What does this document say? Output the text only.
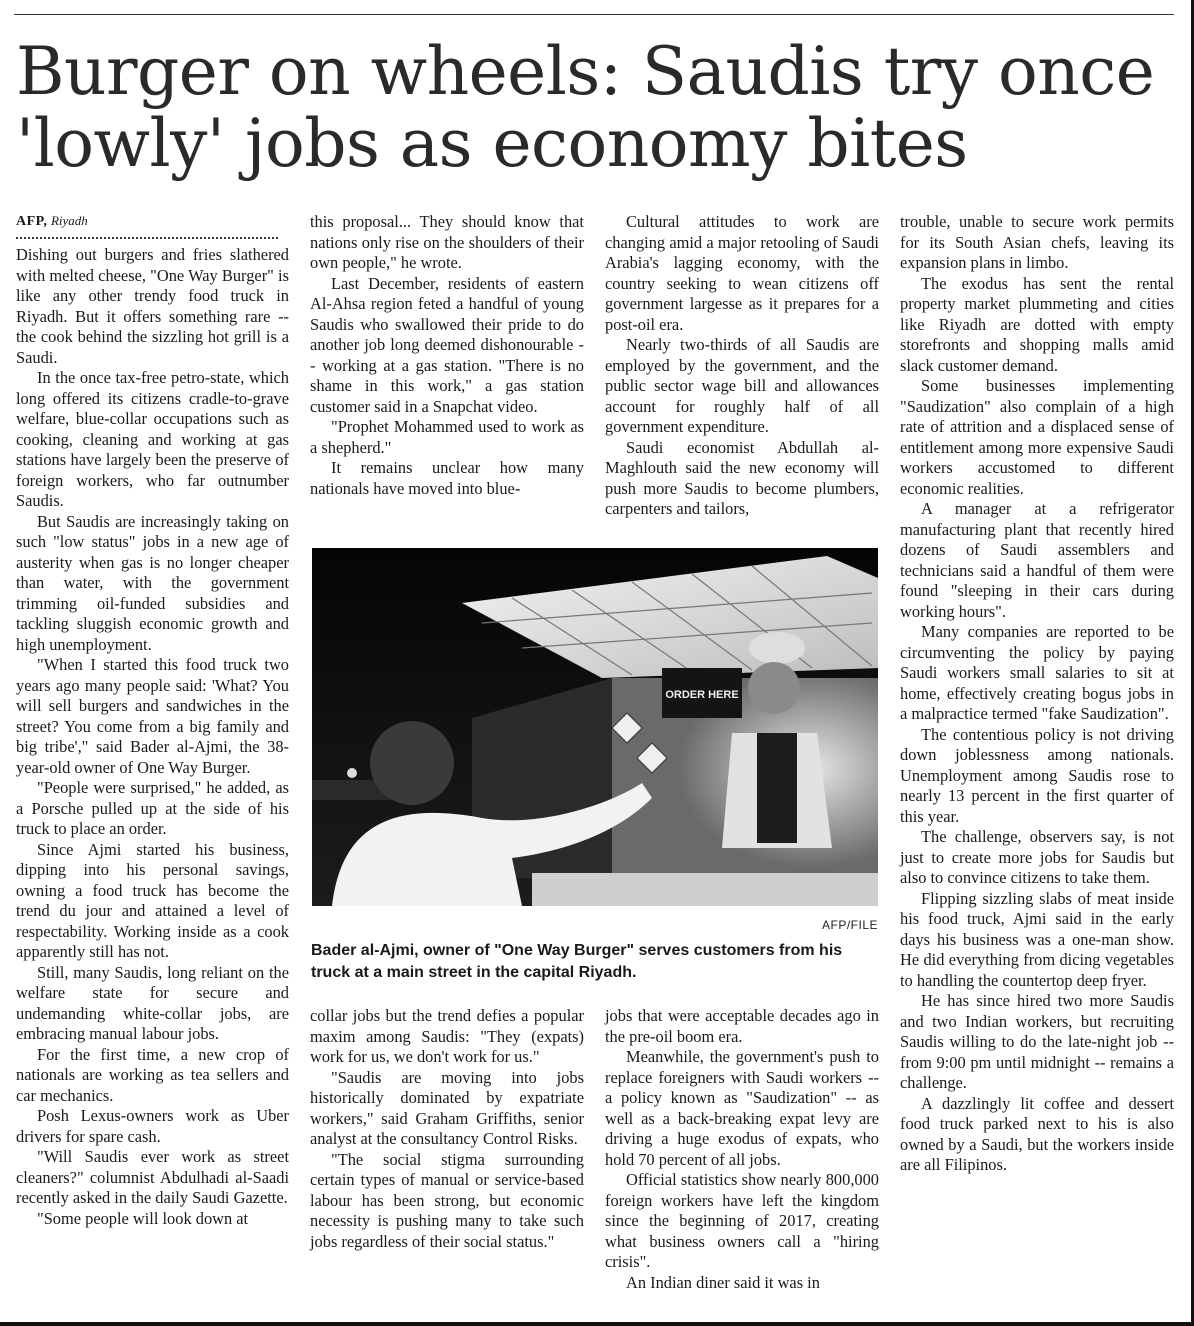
Burger on wheels: Saudis try once 'lowly' jobs as economy bites
AFP, Riyadh

Dishing out burgers and fries slathered with melted cheese, "One Way Burger" is like any other trendy food truck in Riyadh. But it offers something rare -- the cook behind the sizzling hot grill is a Saudi.

In the once tax-free petro-state, which long offered its citizens cradle-to-grave welfare, blue-collar occupations such as cooking, cleaning and working at gas stations have largely been the preserve of foreign workers, who far outnumber Saudis.

But Saudis are increasingly taking on such "low status" jobs in a new age of austerity when gas is no longer cheaper than water, with the government trimming oil-funded subsidies and tackling sluggish economic growth and high unemployment.

"When I started this food truck two years ago many people said: 'What? You will sell burgers and sandwiches in the street? You come from a big family and big tribe'," said Bader al-Ajmi, the 38-year-old owner of One Way Burger.

"People were surprised," he added, as a Porsche pulled up at the side of his truck to place an order.

Since Ajmi started his business, dipping into his personal savings, owning a food truck has become the trend du jour and attained a level of respectability. Working inside as a cook apparently still has not.

Still, many Saudis, long reliant on the welfare state for secure and undemanding white-collar jobs, are embracing manual labour jobs.

For the first time, a new crop of nationals are working as tea sellers and car mechanics.

Posh Lexus-owners work as Uber drivers for spare cash.

"Will Saudis ever work as street cleaners?" columnist Abdulhadi al-Saadi recently asked in the daily Saudi Gazette.

"Some people will look down at

this proposal... They should know that nations only rise on the shoulders of their own people," he wrote.

Last December, residents of eastern Al-Ahsa region feted a handful of young Saudis who swallowed their pride to do another job long deemed dishonourable -- working at a gas station. "There is no shame in this work," a gas station customer said in a Snapchat video.

"Prophet Mohammed used to work as a shepherd."

It remains unclear how many nationals have moved into blue-

Cultural attitudes to work are changing amid a major retooling of Saudi Arabia's lagging economy, with the country seeking to wean citizens off government largesse as it prepares for a post-oil era.

Nearly two-thirds of all Saudis are employed by the government, and the public sector wage bill and allowances account for roughly half of all government expenditure.

Saudi economist Abdullah al-Maghlouth said the new economy will push more Saudis to become plumbers, carpenters and tailors,

trouble, unable to secure work permits for its South Asian chefs, leaving its expansion plans in limbo.

The exodus has sent the rental property market plummeting and cities like Riyadh are dotted with empty storefronts and shopping malls amid slack customer demand.

Some businesses implementing "Saudization" also complain of a high rate of attrition and a displaced sense of entitlement among more expensive Saudi workers accustomed to different economic realities.

A manager at a refrigerator manufacturing plant that recently hired dozens of Saudi assemblers and technicians said a handful of them were found "sleeping in their cars during working hours".

Many companies are reported to be circumventing the policy by paying Saudi workers small salaries to sit at home, effectively creating bogus jobs in a malpractice termed "fake Saudization".

The contentious policy is not driving down joblessness among nationals. Unemployment among Saudis rose to nearly 13 percent in the first quarter of this year.

The challenge, observers say, is not just to create more jobs for Saudis but also to convince citizens to take them.

Flipping sizzling slabs of meat inside his food truck, Ajmi said in the early days his business was a one-man show. He did everything from dicing vegetables to handling the countertop deep fryer.

He has since hired two more Saudis and two Indian workers, but recruiting Saudis willing to do the late-night job -- from 9:00 pm until midnight -- remains a challenge.

A dazzlingly lit coffee and dessert food truck parked next to his is also owned by a Saudi, but the workers inside are all Filipinos.

ORDER HERE
AFP/FILE

Bader al-Ajmi, owner of "One Way Burger" serves customers from his truck at a main street in the capital Riyadh.

collar jobs but the trend defies a popular maxim among Saudis: "They (expats) work for us, we don't work for us."

"Saudis are moving into jobs historically dominated by expatriate workers," said Graham Griffiths, senior analyst at the consultancy Control Risks.

"The social stigma surrounding certain types of manual or service-based labour has been strong, but economic necessity is pushing many to take such jobs regardless of their social status."

jobs that were acceptable decades ago in the pre-oil boom era.

Meanwhile, the government's push to replace foreigners with Saudi workers -- a policy known as "Saudization" -- as well as a back-breaking expat levy are driving a huge exodus of expats, who hold 70 percent of all jobs.

Official statistics show nearly 800,000 foreign workers have left the kingdom since the beginning of 2017, creating what business owners call a "hiring crisis".

An Indian diner said it was in
